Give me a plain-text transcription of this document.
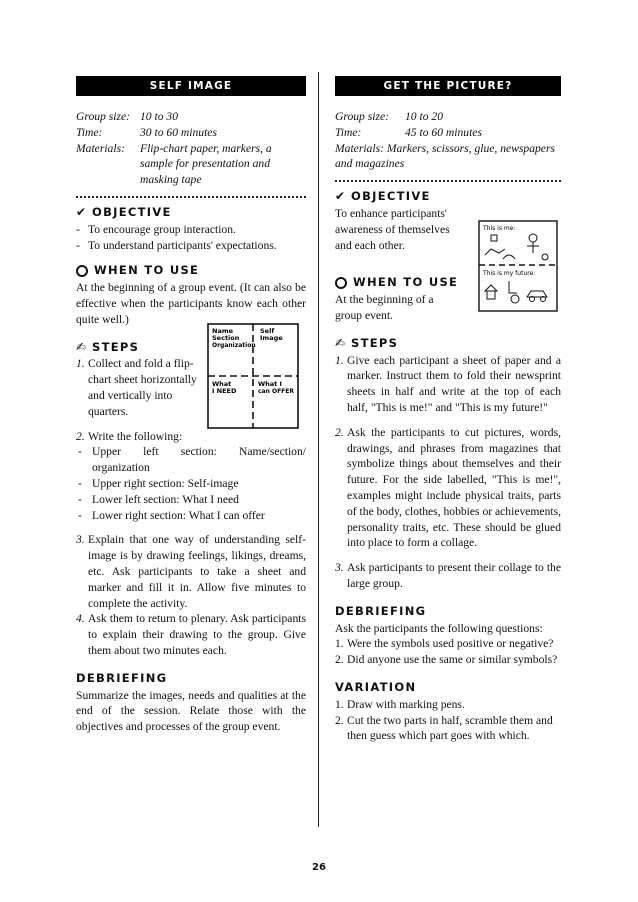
SELF IMAGE
Group size: 10 to 30
Time:	30 to 60 minutes
Materials:	Flip-chart paper, markers, a sample for presentation and masking tape
✔ OBJECTIVE
- To encourage group interaction.
- To understand participants' expectations.
WHEN TO USE
At the beginning of a group event. (It can also be effective when the participants know each other quite well.)
✍ STEPS
1. Collect and fold a flip-chart sheet horizontally and vertically into quarters.
Name
Section
Organization
Self
Image
What
I NEED
What I
can OFFER
2. Write the following:
- Upper left section: Name/section/ organization
- Upper right section: Self-image
- Lower left section: What I need
- Lower right section: What I can offer
3. Explain that one way of understanding self-image is by drawing feelings, likings, dreams, etc. Ask participants to take a sheet and marker and fill it in. Allow five minutes to complete the activity.
4. Ask them to return to plenary. Ask participants to explain their drawing to the group. Give them about two minutes each.
DEBRIEFING
Summarize the images, needs and qualities at the end of the session. Relate those with the objectives and processes of the group event.
GET THE PICTURE?
Group size:	10 to 20
Time:	45 to 60 minutes
Materials: Markers, scissors, glue, newspapers and magazines
✔ OBJECTIVE
To enhance participants' awareness of themselves and each other.
This is me:
This is my future:
WHEN TO USE
At the beginning of a group event.
✍ STEPS
1. Give each participant a sheet of paper and a marker. Instruct them to fold their newsprint sheets in half and write at the top of each half, "This is me!" and "This is my future!"
2. Ask the participants to cut pictures, words, drawings, and phrases from magazines that symbolize things about themselves and their future. For the side labelled, "This is me!", examples might include physical traits, parts of the body, clothes, hobbies or achievements, personality traits, etc. These should be glued into place to form a collage.
3. Ask participants to present their collage to the large group.
DEBRIEFING
Ask the participants the following questions:
1. Were the symbols used positive or negative?
2. Did anyone use the same or similar symbols?
VARIATION
1. Draw with marking pens.
2. Cut the two parts in half, scramble them and then guess which part goes with which.
26
